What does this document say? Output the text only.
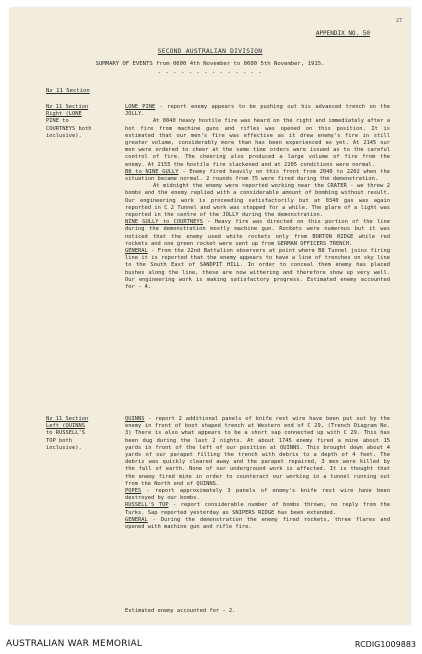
27
APPENDIX NO. 50
SECOND AUSTRALIAN DIVISION
SUMMARY OF EVENTS from 0600 4th November to 0600 5th November, 1915.
- - - - - - - - - - - - - -
Nz 11 Section
Nz 11 Section
Right (LONE
PINE to
COURTNEYS both
inclusive).

LONE PINE - report enemy appears to be pushing out his advanced trench on the JOLLY.

At 0040 heavy hostile fire was heard on the right and immediately after a hot fire from machine guns and rifles was opened on this position. It is estimated that our men's fire was effective as it drew enemy's fire in still greater volume, considerably more than has been experienced as yet. At 2145 our men were ordered to cheer at the same time orders were issued as to the careful control of fire. The cheering also produced a large volume of fire from the enemy. At 2155 the hostile fire slackened and at 2205 conditions were normal.

B8 to NINE GULLY - Enemy fired heavily on this front from 2040 to 2202 when the situation became normal. 2 rounds from 75 were fired during the demonstration.

At midnight the enemy were reported working near the CRATER - we threw 2 bombs and the enemy replied with a considerable amount of bombing without result. Our engineering work is proceeding satisfactorily but at 0340 gas was again reported in C 2 Tunnel and work was stopped for a while. The glare of a light was reported in the centre of the JOLLY during the demonstration.

NINE GULLY to COURTNEYS - Heavy fire was directed on this portion of the line during the demonstration mostly machine gun. Rockets were numerous but it was noticed that the enemy used white rockets only from BORTON RIDGE while red rockets and one green rocket were sent up from GERMAN OFFICERS TRENCH.

GENERAL - From the 22nd Battalion observers at point where B8 Tunnel joins firing line it is reported that the enemy appears to have a line of trenches on sky line to the South East of SANDPIT HILL. In order to conceal them enemy has placed bushes along the line, these are now withering and therefore show up very well. Our engineering work is making satisfactory progress. Estimated enemy accounted for - 4.

Nz 11 Section
Left (QUINNS
to RUSSELL'S
TOP both
inclusive).

QUINNS - report 2 additional panels of knife rest wire have been put out by the enemy in front of boot shaped trench at Western end of C 29, (Trench Diagram No. 3) There is also what appears to be a short sap connected up with C 29. This has been dug during the last 2 nights. At about 1745 enemy fired a mine about 15 yards in front of the left of our position at QUINNS. This brought down about 4 yards of our parapet filling the trench with debris to a depth of 4 feet. The debris was quickly cleared away and the parapet repaired, 3 men were killed by the fall of earth. None of our underground work is affected. It is thought that the enemy fired mine in order to counteract our working in a tunnel running out from the North end of QUINNS.

POPES - report approximately 3 panels of enemy's knife rest wire have been destroyed by our bombs.

RUSSELL'S TOP - report considerable number of bombs thrown, no reply from the Turks. Sap reported yesterday as SNIPERS RIDGE has been extended.

GENERAL - During the demonstration the enemy fired rockets, three flares and opened with machine gun and rifle fire.

Estimated enemy accounted for - 2.
AUSTRALIAN WAR MEMORIAL	RCDIG1009883
